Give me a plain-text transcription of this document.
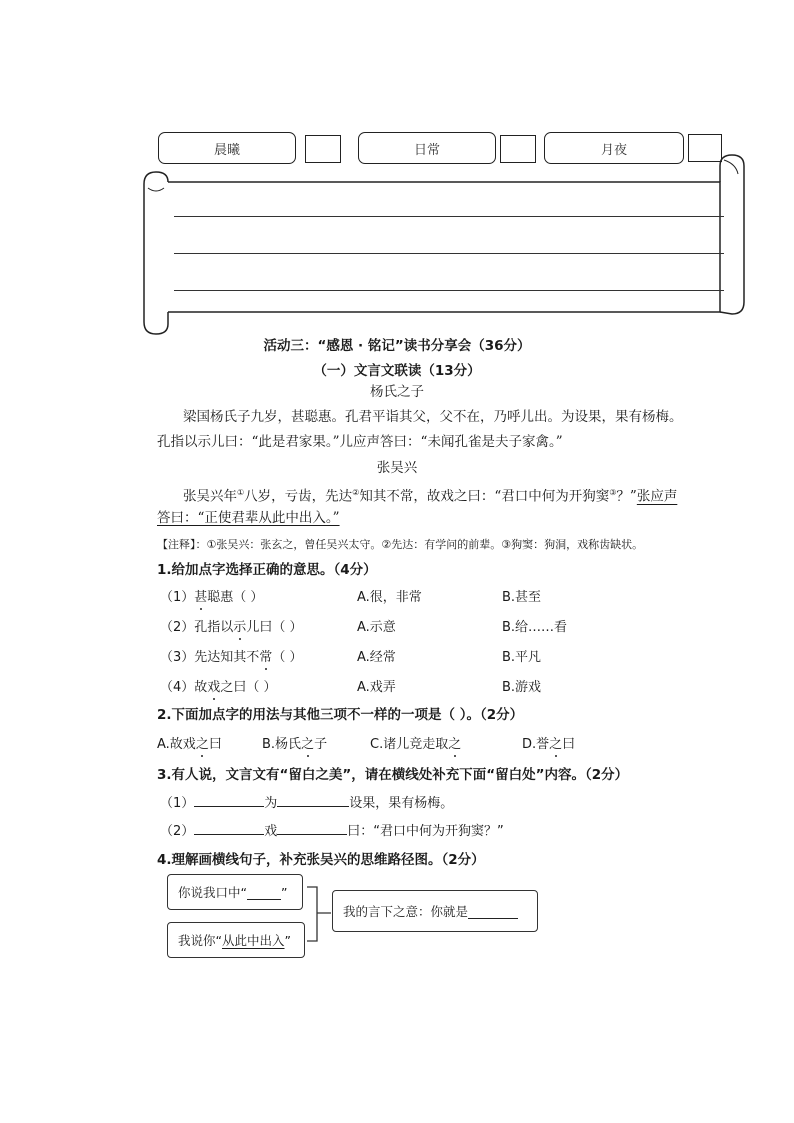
晨曦	日常	月夜
活动三：“感恩 · 铭记”读书分享会（36分）
（一）文言文联读（13分）
杨氏之子
梁国杨氏子九岁，甚聪惠。孔君平诣其父，父不在，乃呼儿出。为设果，果有杨梅。
孔指以示儿曰：“此是君家果。”儿应声答曰：“未闻孔雀是夫子家禽。”
张吴兴
张吴兴年①八岁，亏齿，先达②知其不常，故戏之曰：“君口中何为开狗窦③？”张应声
答曰：“正使君辈从此中出入。”
【注释】：①张吴兴：张玄之，曾任吴兴太守。②先达：有学问的前辈。③狗窦：狗洞，戏称齿缺状。
1.给加点字选择正确的意思。（4分）
（1）甚聪惠（ ）	A.很，非常	B.甚至
（2）孔指以示儿曰（ ）	A.示意	B.给……看
（3）先达知其不常（ ）	A.经常	B.平凡
（4）故戏之曰（ ）	A.戏弄	B.游戏
2.下面加点字的用法与其他三项不一样的一项是（ ）。（2分）
A.故戏之曰	B.杨氏之子	C.诸儿竞走取之	D.誉之曰
3.有人说，文言文有“留白之美”，请在横线处补充下面“留白处”内容。（2分）
（1）	为	设果，果有杨梅。
（2）	戏	曰：“君口中何为开狗窦？”
4.理解画横线句子，补充张吴兴的思维路径图。（2分）
你说我口中“	”
我说你“ 从此中出入 ”
我的言下之意：你就是
